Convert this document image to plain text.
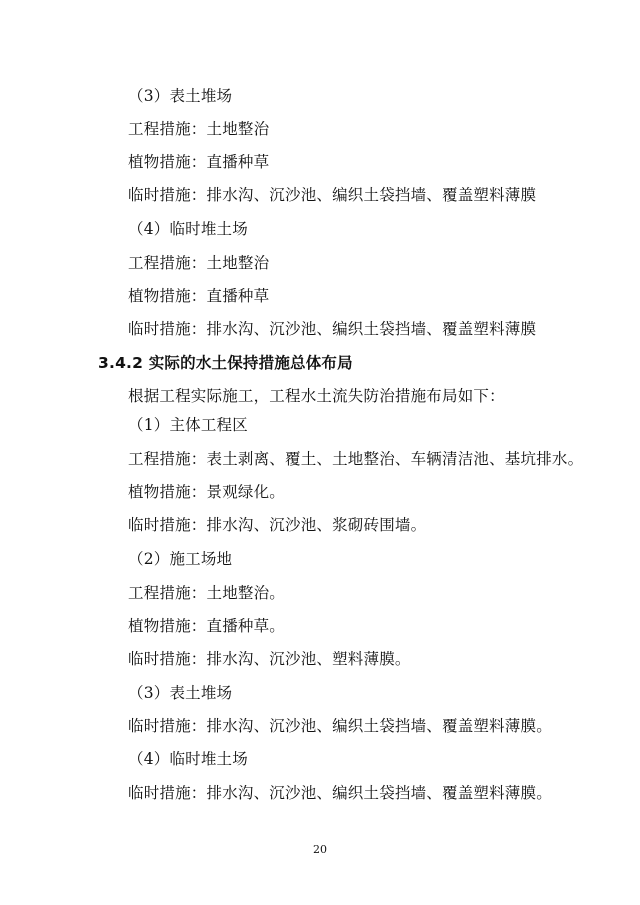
（3）表土堆场
工程措施：土地整治
植物措施：直播种草
临时措施：排水沟、沉沙池、编织土袋挡墙、覆盖塑料薄膜
（4）临时堆土场
工程措施：土地整治
植物措施：直播种草
临时措施：排水沟、沉沙池、编织土袋挡墙、覆盖塑料薄膜
3.4.2 实际的水土保持措施总体布局
根据工程实际施工，工程水土流失防治措施布局如下：
（1）主体工程区
工程措施：表土剥离、覆土、土地整治、车辆清洁池、基坑排水。
植物措施：景观绿化。
临时措施：排水沟、沉沙池、浆砌砖围墙。
（2）施工场地
工程措施：土地整治。
植物措施：直播种草。
临时措施：排水沟、沉沙池、塑料薄膜。
（3）表土堆场
临时措施：排水沟、沉沙池、编织土袋挡墙、覆盖塑料薄膜。
（4）临时堆土场
临时措施：排水沟、沉沙池、编织土袋挡墙、覆盖塑料薄膜。
20
